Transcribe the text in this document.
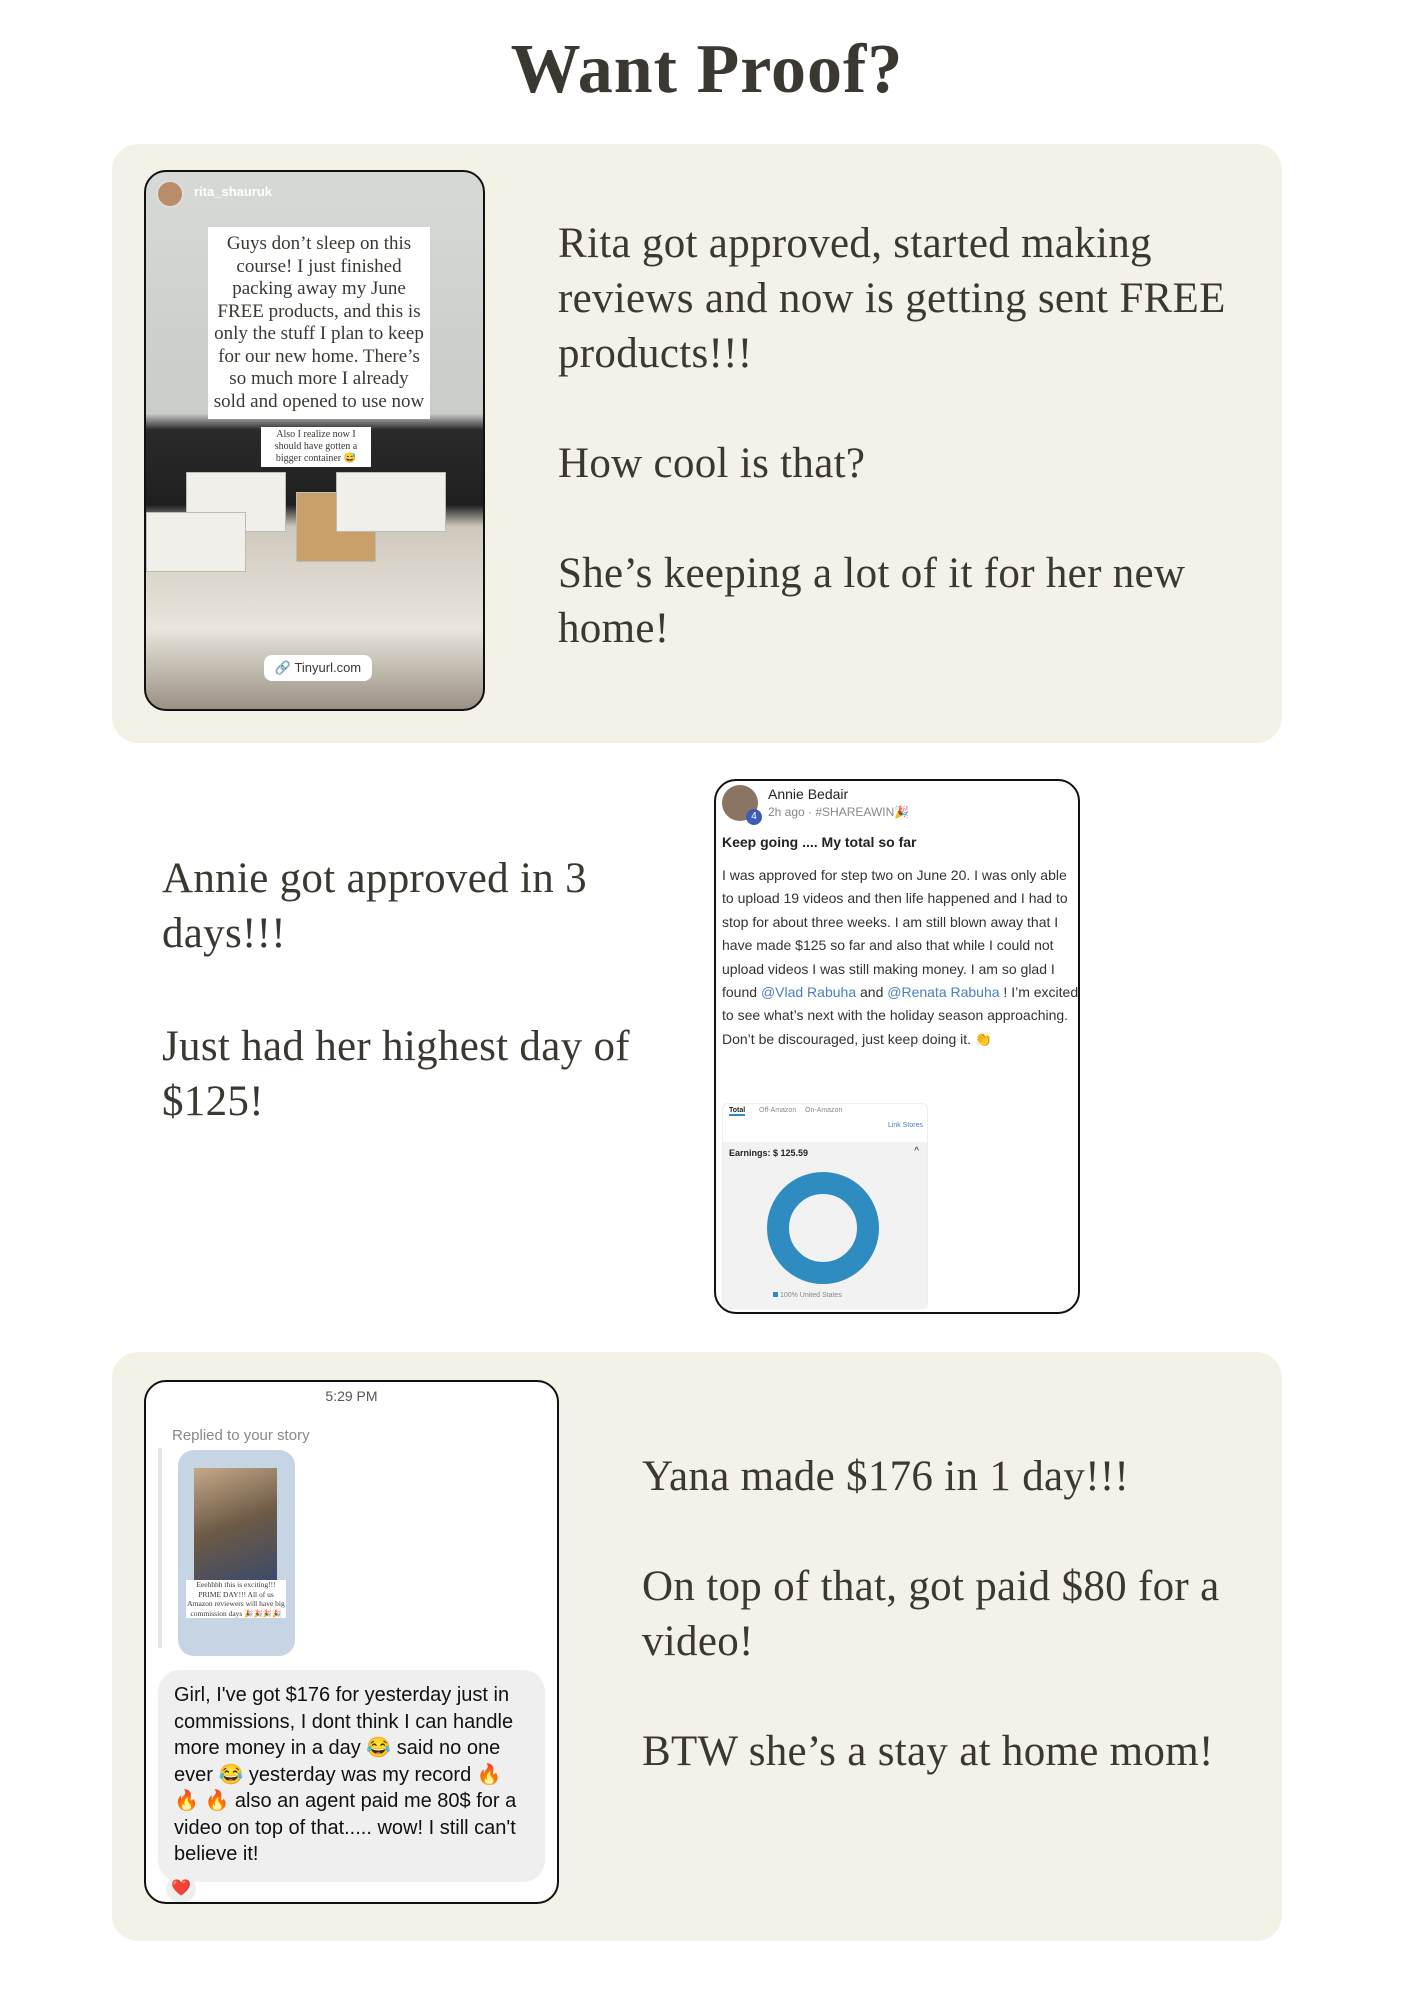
Want Proof?
rita_shauruk
Guys don’t sleep on this course! I just finished packing away my June FREE products, and this is only the stuff I plan to keep for our new home. There’s so much more I already sold and opened to use now
Also I realize now I should have gotten a bigger container 😅
🔗 Tinyurl.com

Rita got approved, started making reviews and now is getting sent FREE products!!!

How cool is that?

She’s keeping a lot of it for her new home!

Annie got approved in 3 days!!!

Just had her highest day of $125!

4
Annie Bedair
2h ago · #SHAREAWIN🎉
Keep going .... My total so far
I was approved for step two on June 20. I was only able to upload 19 videos and then life happened and I had to stop for about three weeks. I am still blown away that I have made $125 so far and also that while I could not upload videos I was still making money. I am so glad I found @Vlad Rabuha and @Renata Rabuha ! I’m excited to see what’s next with the holiday season approaching. Don’t be discouraged, just keep doing it. 👏
Total Off-Amazon On-Amazon
Link Stores
Earnings: $ 125.59	^
100% United States
5:29 PM
Replied to your story
Eeehhhh this is exciting!!! PRIME DAY!!! All of us Amazon reviewers will have big commission days 🎉🎉🎉🎉
Girl, I've got $176 for yesterday just in commissions, I dont think I can handle more money in a day 😂 said no one ever 😂 yesterday was my record 🔥 🔥 🔥 also an agent paid me 80$ for a video on top of that..... wow! I still can't believe it!
❤️

Yana made $176 in 1 day!!!

On top of that, got paid $80 for a video!

BTW she’s a stay at home mom!
